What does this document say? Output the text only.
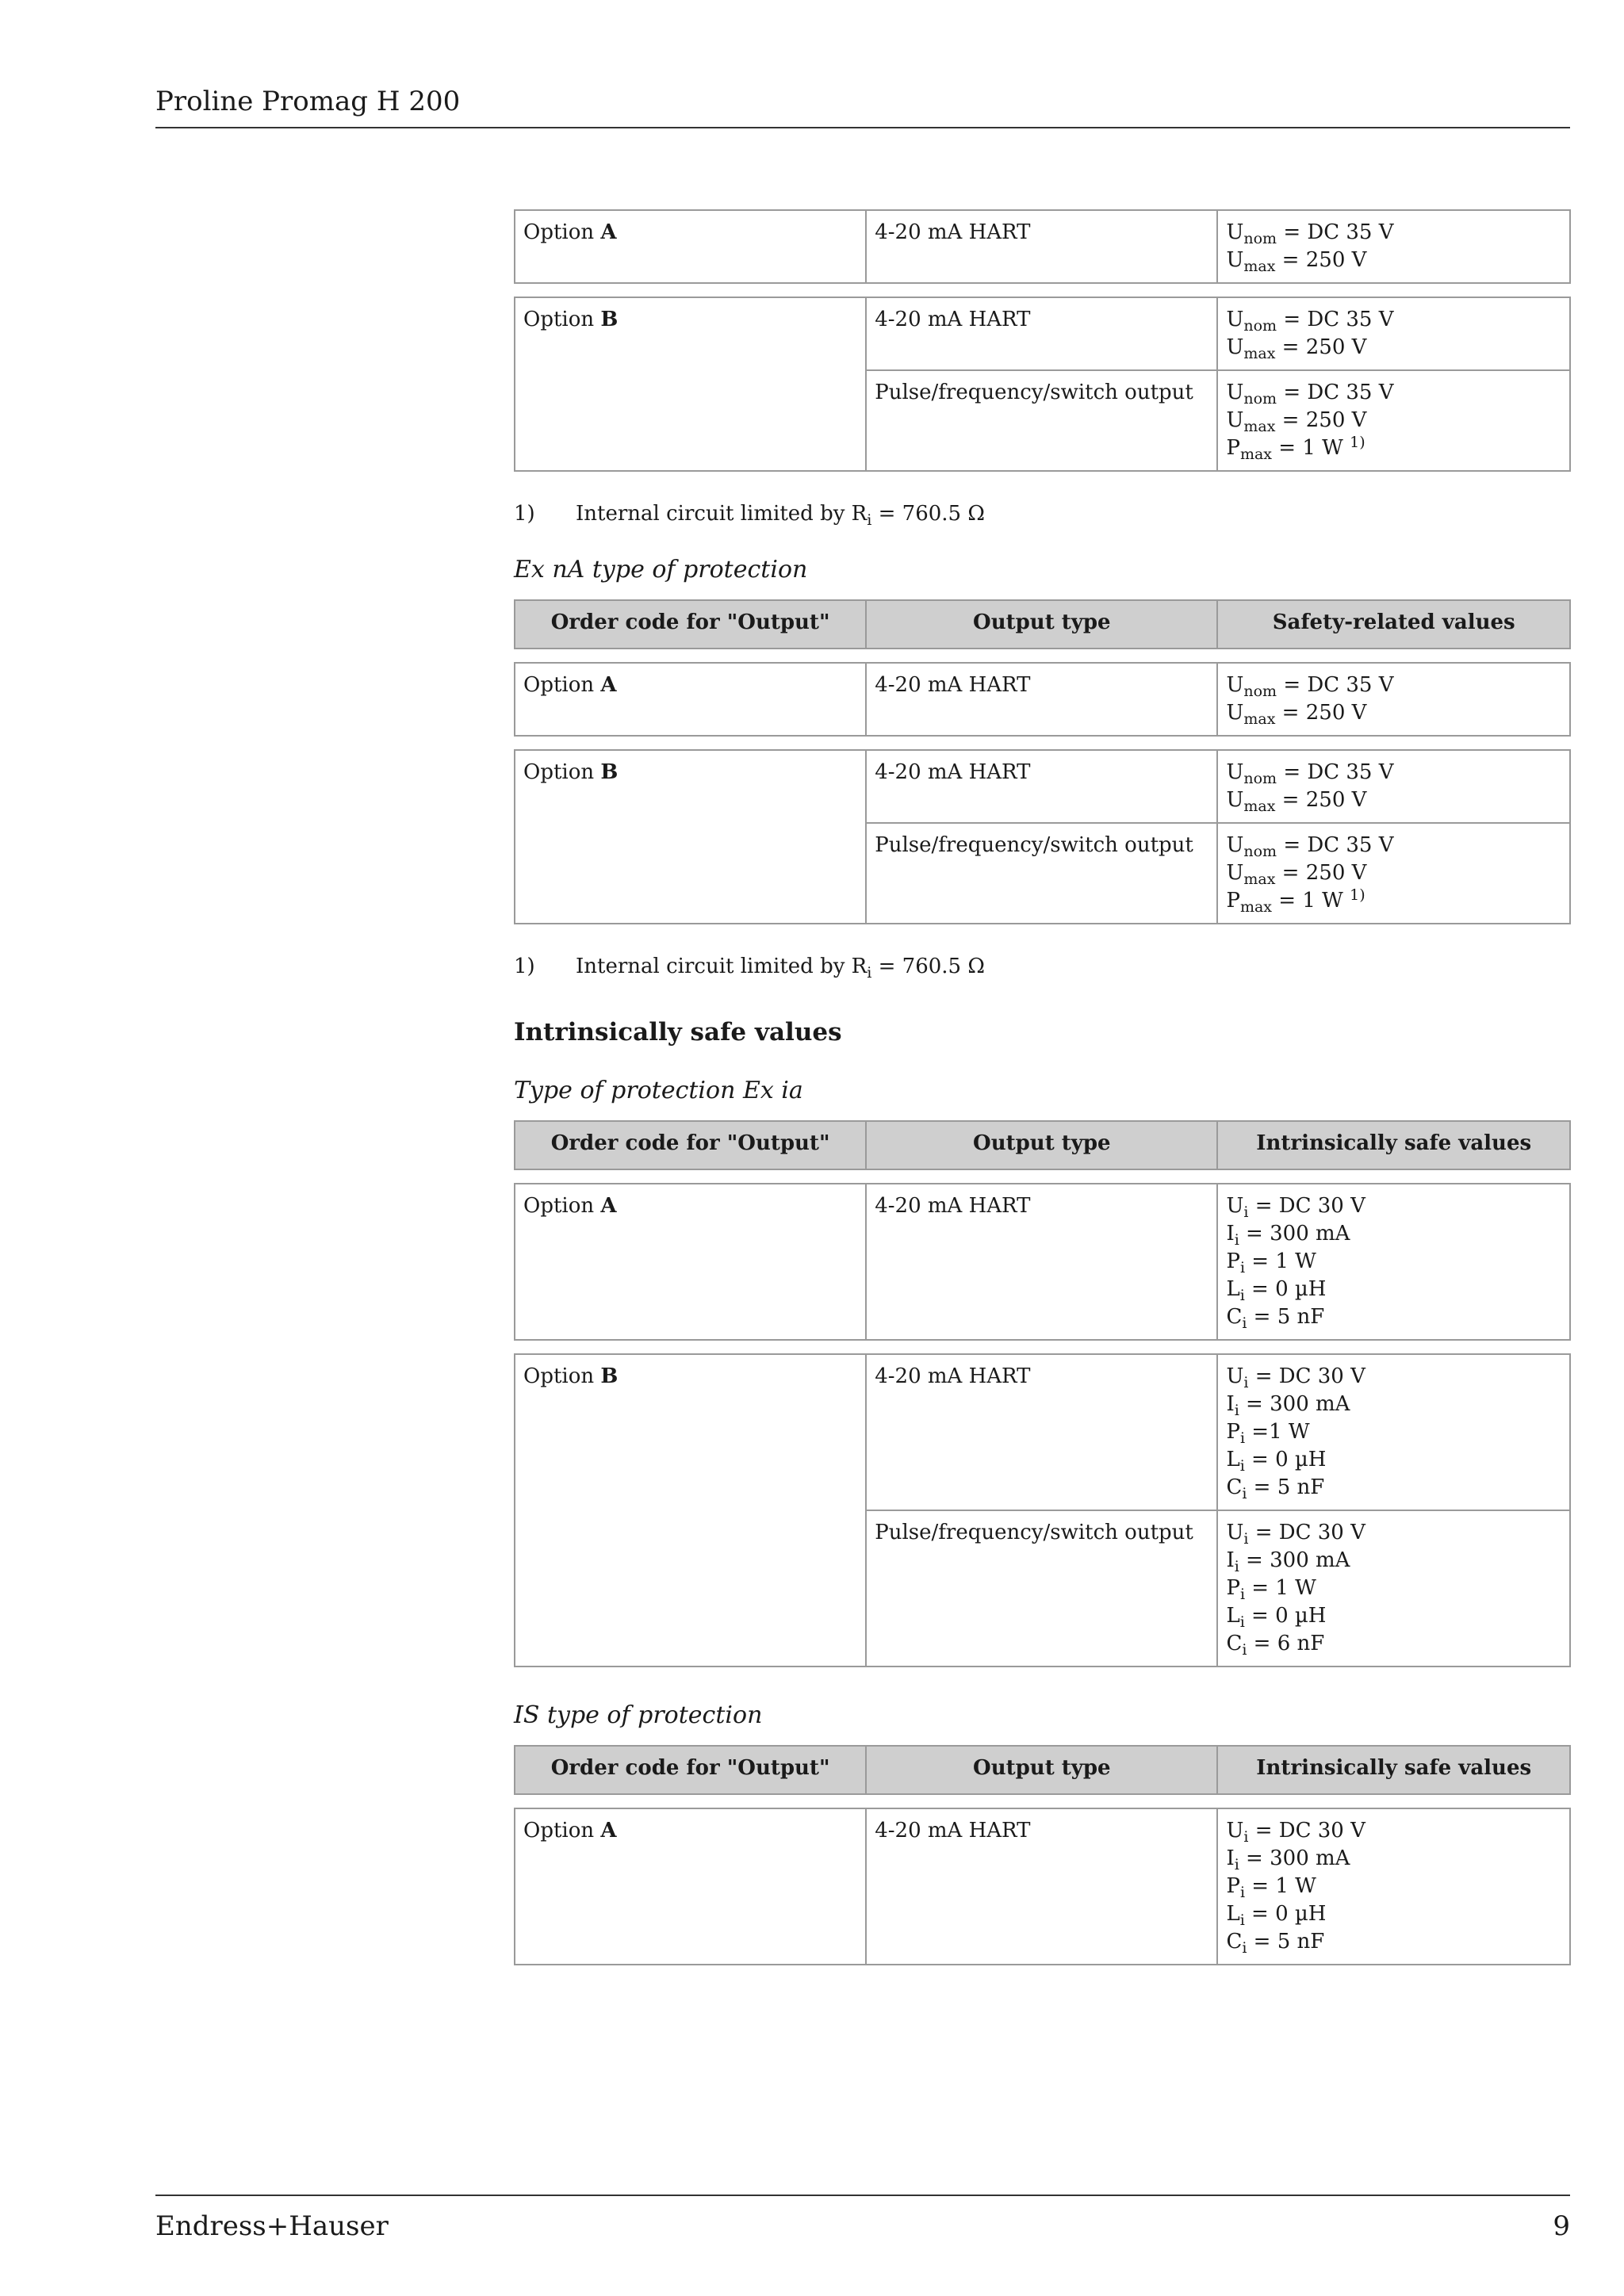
Proline Promag H 200
Option A	4-20 mA HART	$U_{nom}$ = DC 35 V
$U_{max} = 250$ V
Option B	4-20 mA HART	$U_{nom}$ = DC 35 V
$U_{max} = 250$ V
	Pulse/frequency/switch output	$U_{nom}$ = DC 35 V
$U_{max} = 250$ V
$P_{max} = 1$ W $^{1)}$
1)	Internal circuit limited by $R_i = 760.5$ Ω
Ex nA type of protection
Order code for "Output"	Output type	Safety-related values
Option A	4-20 mA HART	$U_{nom}$ = DC 35 V
$U_{max} = 250$ V
Option B	4-20 mA HART	$U_{nom}$ = DC 35 V
$U_{max} = 250$ V
	Pulse/frequency/switch output	$U_{nom}$ = DC 35 V
$U_{max} = 250$ V
$P_{max} = 1$ W $^{1)}$
1)	Internal circuit limited by $R_i = 760.5$ Ω
Intrinsically safe values
Type of protection Ex ia
Order code for "Output"	Output type	Intrinsically safe values
Option A	4-20 mA HART	$U_i$ = DC 30 V
$I_i = 300$ mA
$P_i = 1$ W
$L_i = 0$ µH
$C_i = 5$ nF
Option B	4-20 mA HART	$U_i$ = DC 30 V
$I_i = 300$ mA
$P_i =1$ W
$L_i = 0$ µH
$C_i = 5$ nF
	Pulse/frequency/switch output	$U_i$ = DC 30 V
$I_i = 300$ mA
$P_i = 1$ W
$L_i = 0$ µH
$C_i = 6$ nF
IS type of protection
Order code for "Output"	Output type	Intrinsically safe values
Option A	4-20 mA HART	$U_i$ = DC 30 V
$I_i = 300$ mA
$P_i = 1$ W
$L_i = 0$ µH
$C_i = 5$ nF
Endress+Hauser	9
